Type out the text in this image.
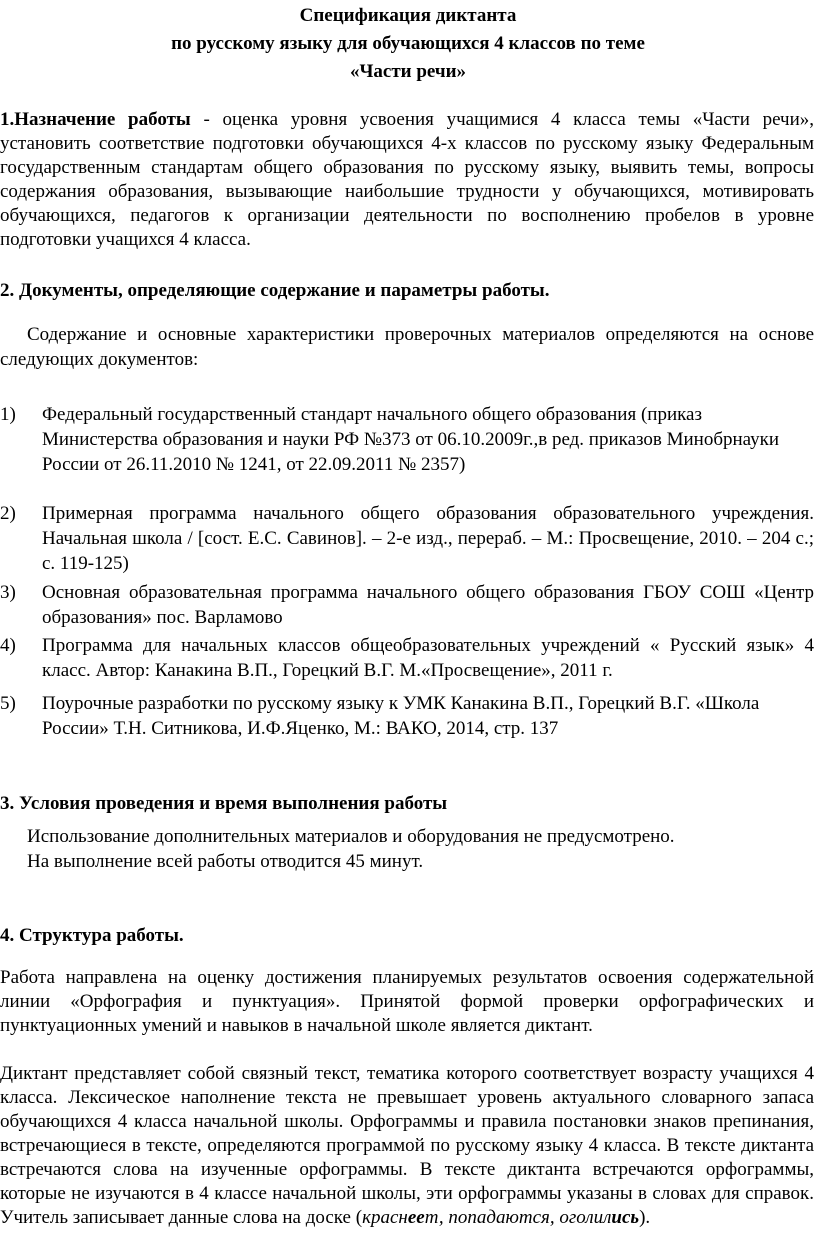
Спецификация диктанта

по русскому языку для обучающихся 4 классов по теме

«Части речи»

1.Назначение работы - оценка уровня усвоения учащимися 4 класса темы «Части речи», установить соответствие подготовки обучающихся 4-х классов по русскому языку Федеральным государственным стандартам общего образования по русскому языку, выявить темы, вопросы содержания образования, вызывающие наибольшие трудности у обучающихся, мотивировать обучающихся, педагогов к организации деятельности по восполнению пробелов в уровне подготовки учащихся 4 класса.

2. Документы, определяющие содержание и параметры работы.

Содержание и основные характеристики проверочных материалов определяются на основе следующих документов:

1) Федеральный государственный стандарт начального общего образования (приказ Министерства образования и науки РФ №373 от 06.10.2009г.,в ред. приказов Минобрнауки России от 26.11.2010 № 1241, от 22.09.2011 № 2357)
2) Примерная программа начального общего образования образовательного учреждения. Начальная школа / [сост. Е.С. Савинов]. – 2-е изд., перераб. – М.: Просвещение, 2010. – 204 с.; с. 119-125)
3) Основная образовательная программа начального общего образования ГБОУ СОШ «Центр образования» пос. Варламово
4) Программа для начальных классов общеобразовательных учреждений « Русский язык» 4 класс. Автор: Канакина В.П., Горецкий В.Г. М.«Просвещение», 2011 г.
5) Поурочные разработки по русскому языку к УМК Канакина В.П., Горецкий В.Г. «Школа России» Т.Н. Ситникова, И.Ф.Яценко, М.: ВАКО, 2014, стр. 137

3. Условия проведения и время выполнения работы

Использование дополнительных материалов и оборудования не предусмотрено.

На выполнение всей работы отводится 45 минут.

4. Структура работы.

Работа направлена на оценку достижения планируемых результатов освоения содержательной линии «Орфография и пунктуация». Принятой формой проверки орфографических и пунктуационных умений и навыков в начальной школе является диктант.

Диктант представляет собой связный текст, тематика которого соответствует возрасту учащихся 4 класса. Лексическое наполнение текста не превышает уровень актуального словарного запаса обучающихся 4 класса начальной школы. Орфограммы и правила постановки знаков препинания, встречающиеся в тексте, определяются программой по русскому языку 4 класса. В тексте диктанта встречаются слова на изученные орфограммы. В тексте диктанта встречаются орфограммы, которые не изучаются в 4 классе начальной школы, эти орфограммы указаны в словах для справок. Учитель записывает данные слова на доске (краснеет, попадаются, оголились).
